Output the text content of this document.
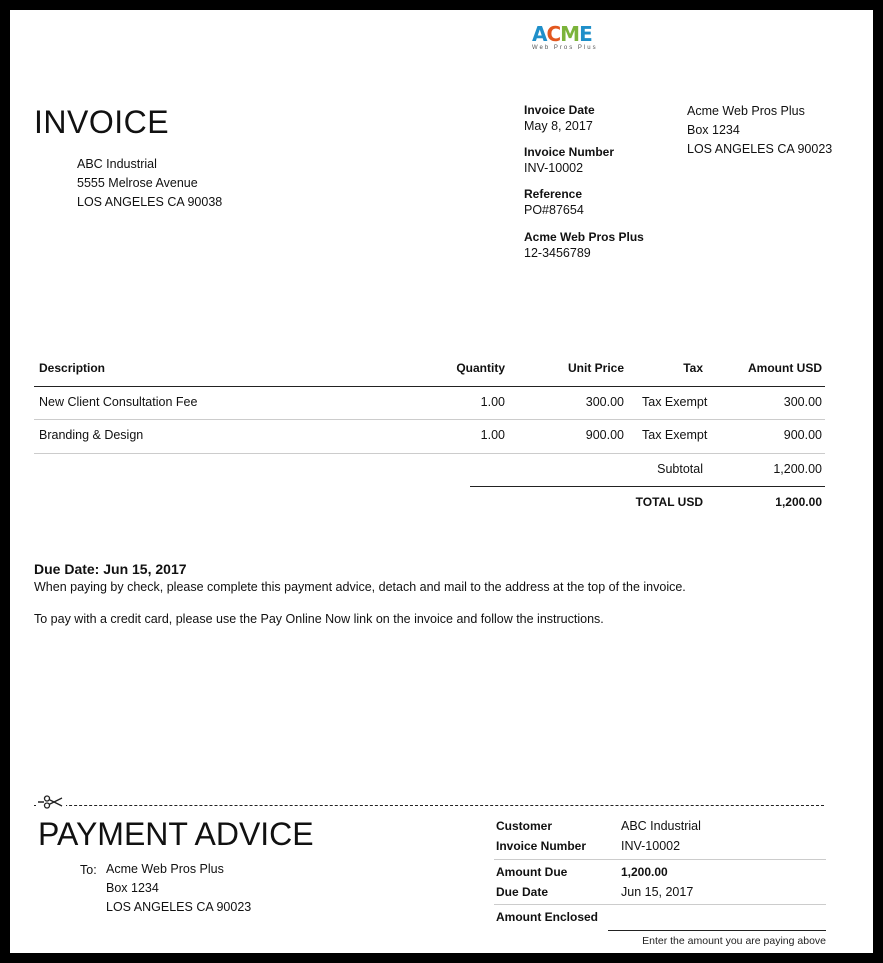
ACME
Web Pros Plus
INVOICE
ABC Industrial
5555 Melrose Avenue
LOS ANGELES CA 90038
Invoice Date
May 8, 2017
Invoice Number
INV-10002
Reference
PO#87654
Acme Web Pros Plus
12-3456789
Acme Web Pros Plus
Box 1234
LOS ANGELES CA 90023
Description	Quantity	Unit Price	Tax	Amount USD
New Client Consultation Fee	1.00	300.00 Tax Exempt	300.00
Branding & Design	1.00	900.00 Tax Exempt	900.00
Subtotal	1,200.00
TOTAL USD	1,200.00
Due Date: Jun 15, 2017
When paying by check, please complete this payment advice, detach and mail to the address at the top of the invoice.
To pay with a credit card, please use the Pay Online Now link on the invoice and follow the instructions.
PAYMENT ADVICE
To: Acme Web Pros Plus
Box 1234
LOS ANGELES CA 90023
Customer	ABC Industrial
Invoice Number	INV-10002
Amount Due	1,200.00
Due Date	Jun 15, 2017
Amount Enclosed
Enter the amount you are paying above
